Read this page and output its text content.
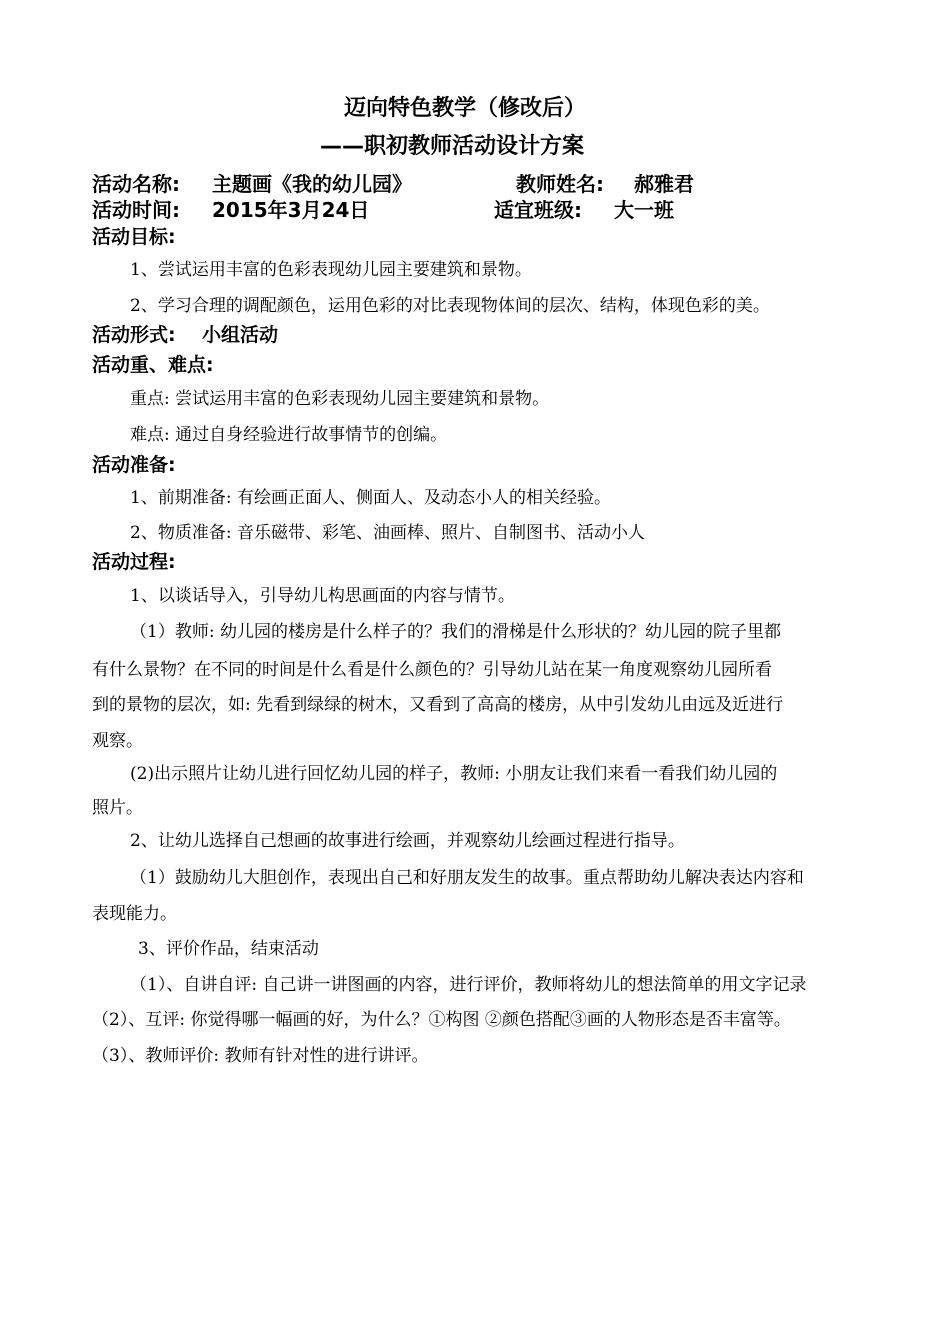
迈向特色教学（修改后）
——职初教师活动设计方案
活动名称: 主题画《我的幼儿园》	教师姓名: 郝雅君
活动时间: 2015年3月24日	适宜班级: 大一班
活动目标:
1、尝试运用丰富的色彩表现幼儿园主要建筑和景物。
2、学习合理的调配颜色，运用色彩的对比表现物体间的层次、结构，体现色彩的美。
活动形式: 小组活动
活动重、难点:
重点: 尝试运用丰富的色彩表现幼儿园主要建筑和景物。
难点: 通过自身经验进行故事情节的创编。
活动准备:
1、前期准备: 有绘画正面人、侧面人、及动态小人的相关经验。
2、物质准备: 音乐磁带、彩笔、油画棒、照片、自制图书、活动小人
活动过程:
1、以谈话导入，引导幼儿构思画面的内容与情节。
（1）教师: 幼儿园的楼房是什么样子的？我们的滑梯是什么形状的？幼儿园的院子里都
有什么景物？在不同的时间是什么看是什么颜色的？引导幼儿站在某一角度观察幼儿园所看
到的景物的层次，如: 先看到绿绿的树木，又看到了高高的楼房，从中引发幼儿由远及近进行
观察。
(2)出示照片让幼儿进行回忆幼儿园的样子，教师: 小朋友让我们来看一看我们幼儿园的
照片。
2、让幼儿选择自己想画的故事进行绘画，并观察幼儿绘画过程进行指导。
（1）鼓励幼儿大胆创作，表现出自己和好朋友发生的故事。重点帮助幼儿解决表达内容和
表现能力。
3、评价作品，结束活动
（1）、自讲自评: 自己讲一讲图画的内容，进行评价，教师将幼儿的想法简单的用文字记录
（2）、互评: 你觉得哪一幅画的好，为什么？①构图 ②颜色搭配③画的人物形态是否丰富等。
（3）、教师评价: 教师有针对性的进行讲评。
